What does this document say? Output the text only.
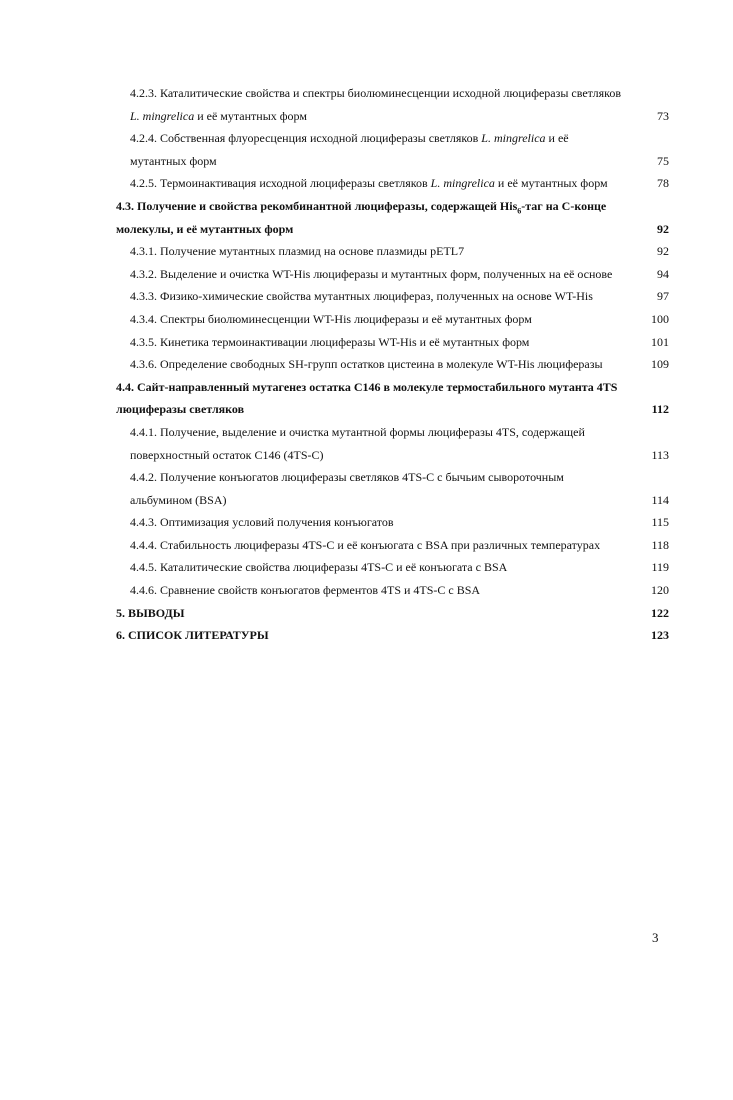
4.2.3. Каталитические свойства и спектры биолюминесценции исходной люциферазы светляков
L. mingrelica и её мутантных форм	73
4.2.4. Собственная флуоресценция исходной люциферазы светляков L. mingrelica и её
мутантных форм	75
4.2.5. Термоинактивация исходной люциферазы светляков L. mingrelica и её мутантных форм	78
4.3. Получение и свойства рекомбинантной люциферазы, содержащей His$_6$-таг на С-конце
молекулы, и её мутантных форм	92
4.3.1. Получение мутантных плазмид на основе плазмиды pETL7	92
4.3.2. Выделение и очистка WT-His люциферазы и мутантных форм, полученных на её основе	94
4.3.3. Физико-химические свойства мутантных люцифераз, полученных на основе WT-His	97
4.3.4. Спектры биолюминесценции WT-His люциферазы и её мутантных форм	100
4.3.5. Кинетика термоинактивации люциферазы WT-His и её мутантных форм	101
4.3.6. Определение свободных SH-групп остатков цистеина в молекуле WT-His люциферазы	109
4.4. Сайт-направленный мутагенез остатка С146 в молекуле термостабильного мутанта 4TS
люциферазы светляков	112
4.4.1. Получение, выделение и очистка мутантной формы люциферазы 4TS, содержащей
поверхностный остаток С146 (4TS-C)	113
4.4.2. Получение конъюгатов люциферазы светляков 4TS-C с бычьим сывороточным
альбумином (BSA)	114
4.4.3. Оптимизация условий получения конъюгатов	115
4.4.4. Стабильность люциферазы 4TS-C и её конъюгата с BSA при различных температурах	118
4.4.5. Каталитические свойства люциферазы 4TS-C и её конъюгата с BSA	119
4.4.6. Сравнение свойств конъюгатов ферментов 4TS и 4TS-C с BSA	120
5. ВЫВОДЫ	122
6. СПИСОК ЛИТЕРАТУРЫ	123
3
